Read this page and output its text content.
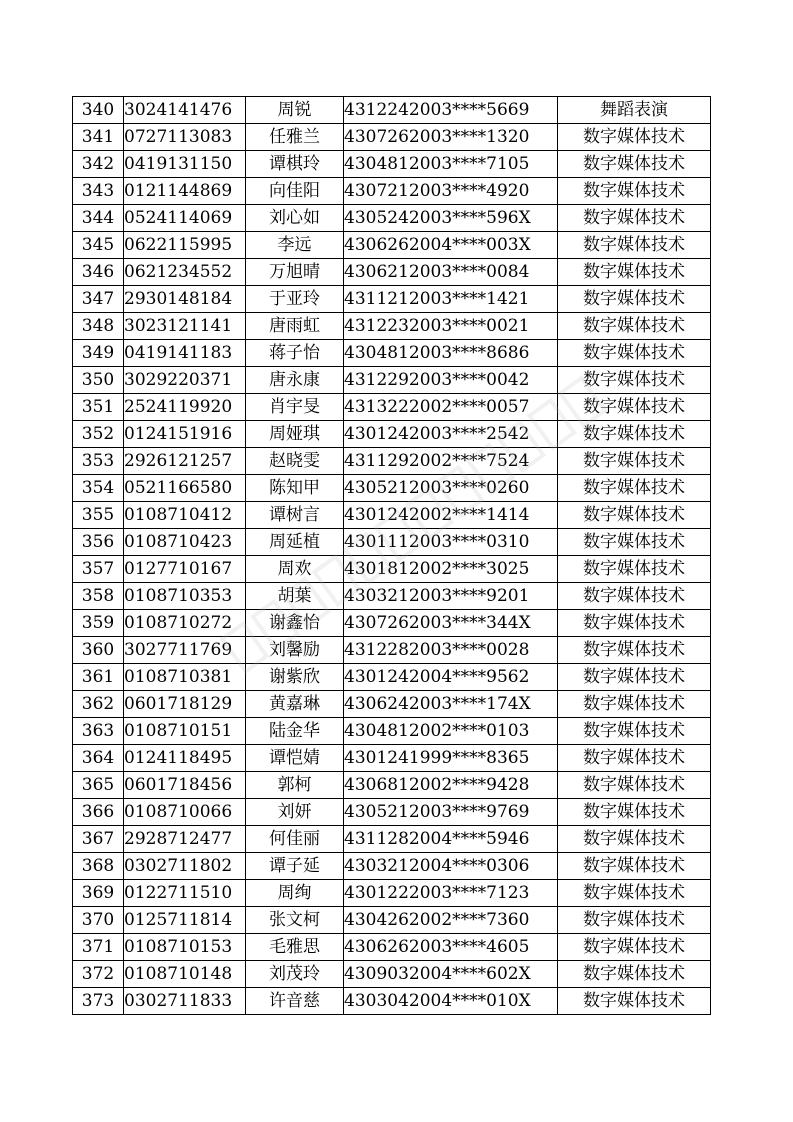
340	3024141476	周锐	4312242003****5669	舞蹈表演
341	0727113083	任雅兰	4307262003****1320	数字媒体技术
342	0419131150	谭棋玲	4304812003****7105	数字媒体技术
343	0121144869	向佳阳	4307212003****4920	数字媒体技术
344	0524114069	刘心如	4305242003****596X	数字媒体技术
345	0622115995	李远	4306262004****003X	数字媒体技术
346	0621234552	万旭晴	4306212003****0084	数字媒体技术
347	2930148184	于亚玲	4311212003****1421	数字媒体技术
348	3023121141	唐雨虹	4312232003****0021	数字媒体技术
349	0419141183	蒋子怡	4304812003****8686	数字媒体技术
350	3029220371	唐永康	4312292003****0042	数字媒体技术
351	2524119920	肖宇旻	4313222002****0057	数字媒体技术
352	0124151916	周娅琪	4301242003****2542	数字媒体技术
353	2926121257	赵晓雯	4311292002****7524	数字媒体技术
354	0521166580	陈知甲	4305212003****0260	数字媒体技术
355	0108710412	谭树言	4301242002****1414	数字媒体技术
356	0108710423	周延植	4301112003****0310	数字媒体技术
357	0127710167	周欢	4301812002****3025	数字媒体技术
358	0108710353	胡葉	4303212003****9201	数字媒体技术
359	0108710272	谢鑫怡	4307262003****344X	数字媒体技术
360	3027711769	刘馨励	4312282003****0028	数字媒体技术
361	0108710381	谢紫欣	4301242004****9562	数字媒体技术
362	0601718129	黄嘉琳	4306242003****174X	数字媒体技术
363	0108710151	陆金华	4304812002****0103	数字媒体技术
364	0124118495	谭恺婧	4301241999****8365	数字媒体技术
365	0601718456	郭柯	4306812002****9428	数字媒体技术
366	0108710066	刘妍	4305212003****9769	数字媒体技术
367	2928712477	何佳丽	4311282004****5946	数字媒体技术
368	0302711802	谭子延	4303212004****0306	数字媒体技术
369	0122711510	周绚	4301222003****7123	数字媒体技术
370	0125711814	张文柯	4304262002****7360	数字媒体技术
371	0108710153	毛雅思	4306262003****4605	数字媒体技术
372	0108710148	刘茂玲	4309032004****602X	数字媒体技术
373	0302711833	许音慈	4303042004****010X	数字媒体技术
